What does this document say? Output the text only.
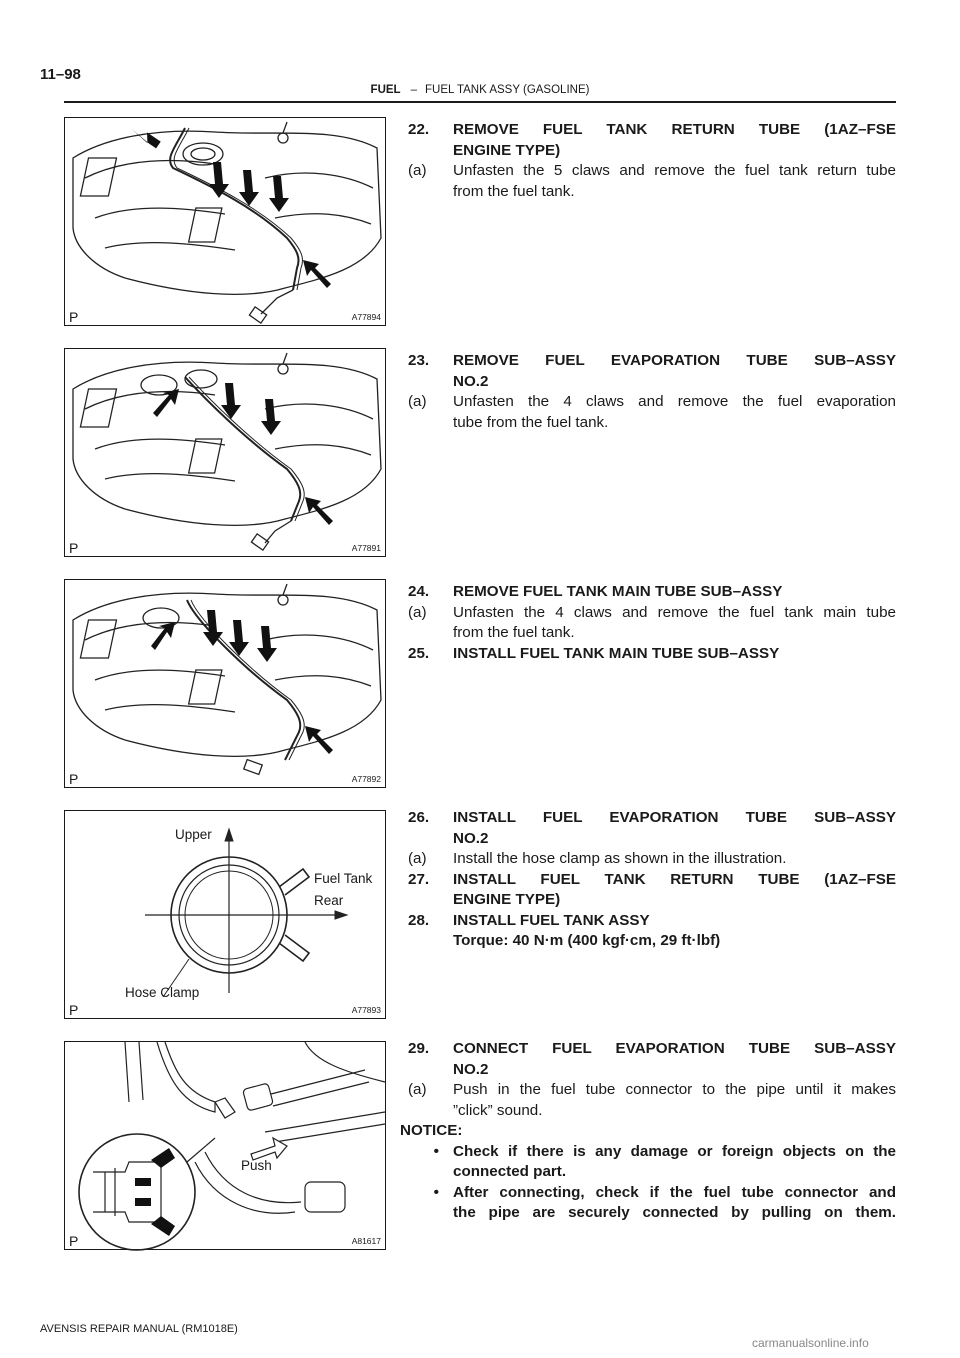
11–98
FUEL – FUEL TANK ASSY (GASOLINE)
P	A77894
P	A77891
P	A77892
Upper
Fuel Tank
Rear
Hose Clamp
P	A77893
Push
P	A81617
22.	REMOVE FUEL TANK RETURN TUBE (1AZ–FSE
ENGINE TYPE)
(a)	Unfasten the 5 claws and remove the fuel tank return tube
from the fuel tank.
23.	REMOVE FUEL EVAPORATION TUBE SUB–ASSY
NO.2
(a)	Unfasten the 4 claws and remove the fuel evaporation
tube from the fuel tank.
24.	REMOVE FUEL TANK MAIN TUBE SUB–ASSY
(a)	Unfasten the 4 claws and remove the fuel tank main tube
from the fuel tank.
25.	INSTALL FUEL TANK MAIN TUBE SUB–ASSY
26.	INSTALL FUEL EVAPORATION TUBE SUB–ASSY
NO.2
(a)	Install the hose clamp as shown in the illustration.
27.	INSTALL FUEL TANK RETURN TUBE (1AZ–FSE
ENGINE TYPE)
28.	INSTALL FUEL TANK ASSY
Torque: 40 N·m (400 kgf·cm, 29 ft·lbf)
29.	CONNECT FUEL EVAPORATION TUBE SUB–ASSY
NO.2
(a)	Push in the fuel tube connector to the pipe until it makes
”click” sound.
NOTICE:
• Check if there is any damage or foreign objects on the
connected part.
• After connecting, check if the fuel tube connector and
the pipe are securely connected by pulling on them.
AVENSIS REPAIR MANUAL (RM1018E)
carmanualsonline.info
